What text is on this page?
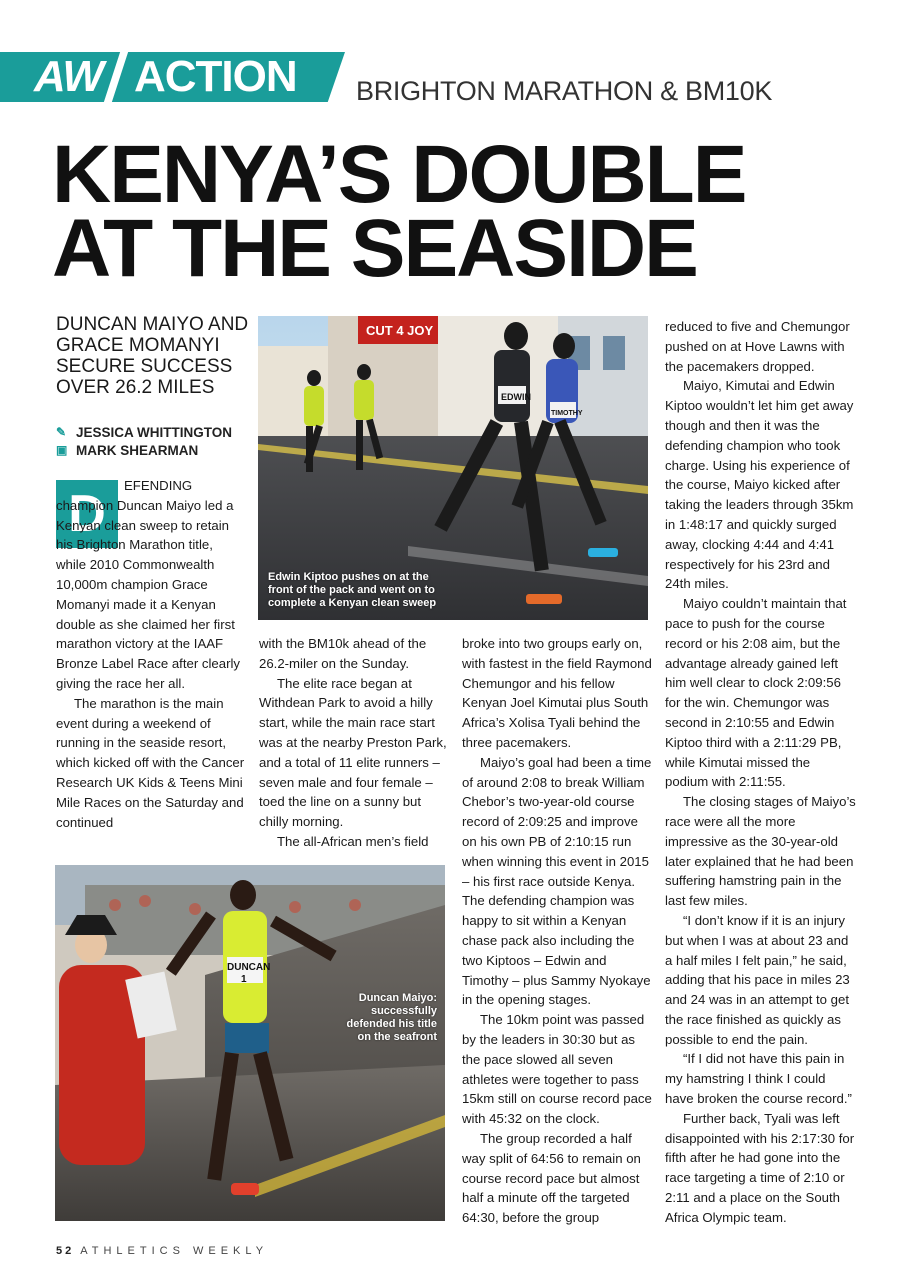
AW ACTION BRIGHTON MARATHON & BM10K
KENYA’S DOUBLE
AT THE SEASIDE
DUNCAN MAIYO AND GRACE MOMANYI SECURE SUCCESS OVER 26.2 MILES
✎ JESSICA WHITTINGTON
▣ MARK SHEARMAN
D	EFENDING champion Duncan Maiyo led a Kenyan clean sweep to retain his Brighton Marathon title, while 2010 Commonwealth 10,000m champion Grace Momanyi made it a Kenyan double as she claimed her first marathon victory at the IAAF Bronze Label Race after clearly giving the race her all.

The marathon is the main event during a weekend of running in the seaside resort, which kicked off with the Cancer Research UK Kids & Teens Mini Mile Races on the Saturday and continued

CUT 4 JOY
EDWIN
TIMOTHY
Edwin Kiptoo pushes on at the front of the pack and went on to complete a Kenyan clean sweep

with the BM10k ahead of the 26.2-miler on the Sunday.

The elite race began at Withdean Park to avoid a hilly start, while the main race start was at the nearby Preston Park, and a total of 11 elite runners – seven male and four female – toed the line on a sunny but chilly morning.

The all-African men’s field

broke into two groups early on, with fastest in the field Raymond Chemungor and his fellow Kenyan Joel Kimutai plus South Africa’s Xolisa Tyali behind the three pacemakers.

Maiyo’s goal had been a time of around 2:08 to break William Chebor’s two-year-old course record of 2:09:25 and improve on his own PB of 2:10:15 run when winning this event in 2015 – his first race outside Kenya. The defending champion was happy to sit within a Kenyan chase pack also including the two Kiptoos – Edwin and Timothy – plus Sammy Nyokaye in the opening stages.

The 10km point was passed by the leaders in 30:30 but as the pace slowed all seven athletes were together to pass 15km still on course record pace with 45:32 on the clock.

The group recorded a half way split of 64:56 to remain on course record pace but almost half a minute off the targeted 64:30, before the group

reduced to five and Chemungor pushed on at Hove Lawns with the pacemakers dropped.

Maiyo, Kimutai and Edwin Kiptoo wouldn’t let him get away though and then it was the defending champion who took charge. Using his experience of the course, Maiyo kicked after taking the leaders through 35km in 1:48:17 and quickly surged away, clocking 4:44 and 4:41 respectively for his 23rd and 24th miles.

Maiyo couldn’t maintain that pace to push for the course record or his 2:08 aim, but the advantage already gained left him well clear to clock 2:09:56 for the win. Chemungor was second in 2:10:55 and Edwin Kiptoo third with a 2:11:29 PB, while Kimutai missed the podium with 2:11:55.

The closing stages of Maiyo’s race were all the more impressive as the 30-year-old later explained that he had been suffering hamstring pain in the last few miles.

“I don’t know if it is an injury but when I was at about 23 and a half miles I felt pain,” he said, adding that his pace in miles 23 and 24 was in an attempt to get the race finished as quickly as possible to end the pain.

“If I did not have this pain in my hamstring I think I could have broken the course record.”

Further back, Tyali was left disappointed with his 2:17:30 for fifth after he had gone into the race targeting a time of 2:10 or 2:11 and a place on the South Africa Olympic team.

DUNCAN
1
Duncan Maiyo: successfully defended his title on the seafront
52 ATHLETICS WEEKLY
